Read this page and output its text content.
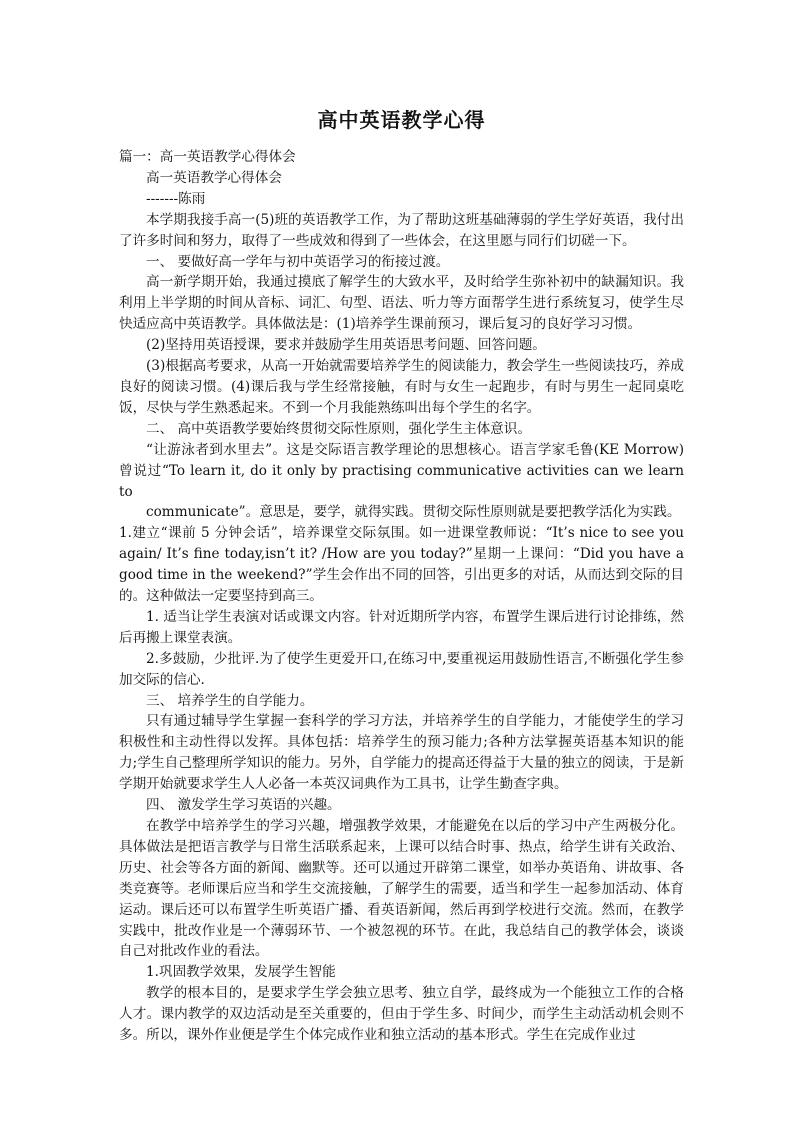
高中英语教学心得

篇一：高一英语教学心得体会

高一英语教学心得体会

-------陈雨

本学期我接手高一(5)班的英语教学工作，为了帮助这班基础薄弱的学生学好英语，我付出了许多时间和努力，取得了一些成效和得到了一些体会，在这里愿与同行们切磋一下。

一、 要做好高一学年与初中英语学习的衔接过渡。

高一新学期开始，我通过摸底了解学生的大致水平，及时给学生弥补初中的缺漏知识。我利用上半学期的时间从音标、词汇、句型、语法、听力等方面帮学生进行系统复习，使学生尽快适应高中英语教学。具体做法是：(1)培养学生课前预习，课后复习的良好学习习惯。

(2)坚持用英语授课，要求并鼓励学生用英语思考问题、回答问题。

(3)根据高考要求，从高一开始就需要培养学生的阅读能力，教会学生一些阅读技巧，养成良好的阅读习惯。(4)课后我与学生经常接触，有时与女生一起跑步，有时与男生一起同桌吃饭，尽快与学生熟悉起来。不到一个月我能熟练叫出每个学生的名字。

二、 高中英语教学要始终贯彻交际性原则，强化学生主体意识。

“让游泳者到水里去”。这是交际语言教学理论的思想核心。语言学家毛鲁(KE Morrow)曾说过“To learn it, do it only by practising communicative activities can we learn to

communicate”。意思是，要学，就得实践。贯彻交际性原则就是要把教学活化为实践。

1.建立“课前 5 分钟会话”，培养课堂交际氛围。如一进课堂教师说：“It’s nice to see you again/ It’s fine today,isn’t it? /How are you today?”星期一上课问：“Did you have a good time in the weekend?”学生会作出不同的回答，引出更多的对话，从而达到交际的目的。这种做法一定要坚持到高三。

1. 适当让学生表演对话或课文内容。针对近期所学内容，布置学生课后进行讨论排练，然后再搬上课堂表演。

2.多鼓励，少批评.为了使学生更爱开口,在练习中,要重视运用鼓励性语言,不断强化学生参加交际的信心.

三、 培养学生的自学能力。

只有通过辅导学生掌握一套科学的学习方法，并培养学生的自学能力，才能使学生的学习积极性和主动性得以发挥。具体包括：培养学生的预习能力;各种方法掌握英语基本知识的能力;学生自己整理所学知识的能力。另外，自学能力的提高还得益于大量的独立的阅读，于是新学期开始就要求学生人人必备一本英汉词典作为工具书，让学生勤查字典。

四、 激发学生学习英语的兴趣。

在教学中培养学生的学习兴趣，增强教学效果，才能避免在以后的学习中产生两极分化。具体做法是把语言教学与日常生活联系起来，上课可以结合时事、热点，给学生讲有关政治、历史、社会等各方面的新闻、幽默等。还可以通过开辟第二课堂，如举办英语角、讲故事、各类竞赛等。老师课后应当和学生交流接触，了解学生的需要，适当和学生一起参加活动、体育运动。课后还可以布置学生听英语广播、看英语新闻，然后再到学校进行交流。然而，在教学实践中，批改作业是一个薄弱环节、一个被忽视的环节。在此，我总结自己的教学体会，谈谈自己对批改作业的看法。

1.巩固教学效果，发展学生智能

教学的根本目的，是要求学生学会独立思考、独立自学，最终成为一个能独立工作的合格人才。课内教学的双边活动是至关重要的，但由于学生多、时间少，而学生主动活动机会则不多。所以，课外作业便是学生个体完成作业和独立活动的基本形式。学生在完成作业过
